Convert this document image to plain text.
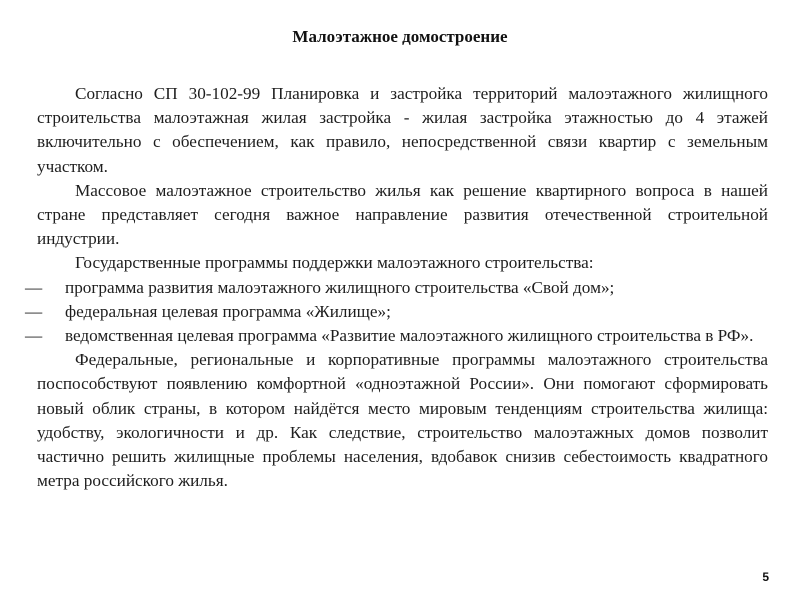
Малоэтажное домостроение

Согласно СП 30-102-99 Планировка и застройка территорий малоэтажного жилищного строительства малоэтажная жилая застройка - жилая застройка этажностью до 4 этажей включительно с обеспечением, как правило, непосредственной связи квартир с земельным участком.

Массовое малоэтажное строительство жилья как решение квартирного вопроса в нашей стране представляет сегодня важное направление развития отечественной строительной индустрии.

Государственные программы поддержки малоэтажного строительства:

— программа развития малоэтажного жилищного строительства «Свой дом»;
— федеральная целевая программа «Жилище»;
— ведомственная целевая программа «Развитие малоэтажного жилищного строительства в РФ».

Федеральные, региональные и корпоративные программы малоэтажного строительства поспособствуют появлению комфортной «одноэтажной России». Они помогают сформировать новый облик страны, в котором найдётся место мировым тенденциям строительства жилища: удобству, экологичности и др. Как следствие, строительство малоэтажных домов позволит частично решить жилищные проблемы населения, вдобавок снизив себестоимость квадратного метра российского жилья.

5
